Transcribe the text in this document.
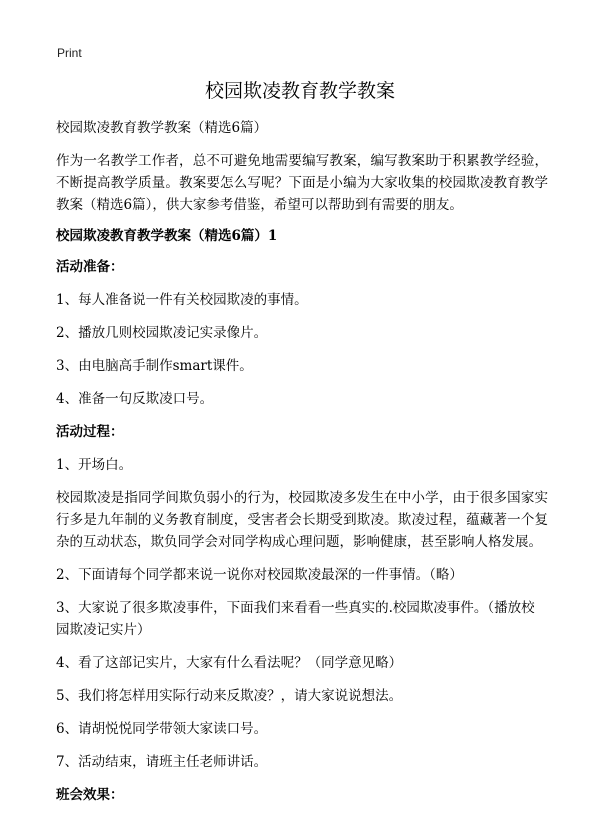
Print
校园欺凌教育教学教案

校园欺凌教育教学教案（精选6篇）

作为一名教学工作者，总不可避免地需要编写教案，编写教案助于积累教学经验，不断提高教学质量。教案要怎么写呢？下面是小编为大家收集的校园欺凌教育教学教案（精选6篇），供大家参考借鉴，希望可以帮助到有需要的朋友。

校园欺凌教育教学教案（精选6篇）1

活动准备：

1、每人准备说一件有关校园欺凌的事情。

2、播放几则校园欺凌记实录像片。

3、由电脑高手制作smart课件。

4、准备一句反欺凌口号。

活动过程：

1、开场白。

校园欺凌是指同学间欺负弱小的行为，校园欺凌多发生在中小学，由于很多国家实行多是九年制的义务教育制度，受害者会长期受到欺凌。欺凌过程，蕴藏著一个复杂的互动状态，欺负同学会对同学构成心理问题，影响健康，甚至影响人格发展。

2、下面请每个同学都来说一说你对校园欺凌最深的一件事情。（略）

3、大家说了很多欺凌事件，下面我们来看看一些真实的.校园欺凌事件。（播放校园欺凌记实片）

4、看了这部记实片，大家有什么看法呢？（同学意见略）

5、我们将怎样用实际行动来反欺凌？，请大家说说想法。

6、请胡悦悦同学带领大家读口号。

7、活动结束，请班主任老师讲话。

班会效果：
